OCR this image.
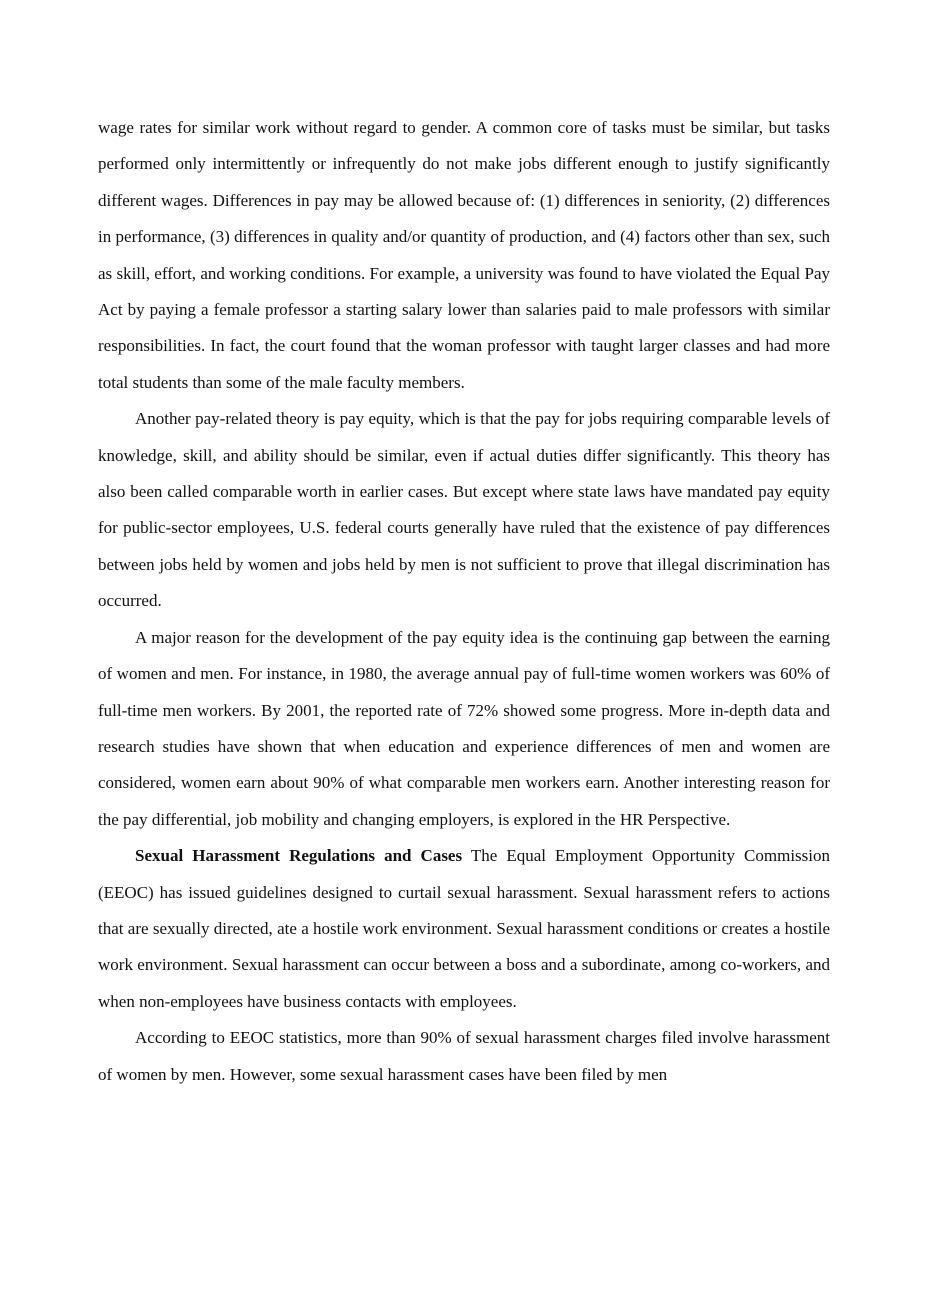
wage rates for similar work without regard to gender. A common core of tasks must be similar, but tasks performed only intermittently or infrequently do not make jobs different enough to justify significantly different wages. Differences in pay may be allowed because of: (1) differences in seniority, (2) differences in performance, (3) differences in quality and/or quantity of production, and (4) factors other than sex, such as skill, effort, and working conditions. For example, a university was found to have violated the Equal Pay Act by paying a female professor a starting salary lower than salaries paid to male professors with similar responsibilities. In fact, the court found that the woman professor with taught larger classes and had more total students than some of the male faculty members.

Another pay-related theory is pay equity, which is that the pay for jobs requiring comparable levels of knowledge, skill, and ability should be similar, even if actual duties differ significantly. This theory has also been called comparable worth in earlier cases. But except where state laws have mandated pay equity for public-sector employees, U.S. federal courts generally have ruled that the existence of pay differences between jobs held by women and jobs held by men is not sufficient to prove that illegal discrimination has occurred.

A major reason for the development of the pay equity idea is the continuing gap between the earning of women and men. For instance, in 1980, the average annual pay of full-time women workers was 60% of full-time men workers. By 2001, the reported rate of 72% showed some progress. More in-depth data and research studies have shown that when education and experience differences of men and women are considered, women earn about 90% of what comparable men workers earn. Another interesting reason for the pay differential, job mobility and changing employers, is explored in the HR Perspective.

Sexual Harassment Regulations and Cases The Equal Employment Opportunity Commission (EEOC) has issued guidelines designed to curtail sexual harassment. Sexual harassment refers to actions that are sexually directed, ate a hostile work environment. Sexual harassment conditions or creates a hostile work environment. Sexual harassment can occur between a boss and a subordinate, among co-workers, and when non-employees have business contacts with employees.

According to EEOC statistics, more than 90% of sexual harassment charges filed involve harassment of women by men. However, some sexual harassment cases have been filed by men
